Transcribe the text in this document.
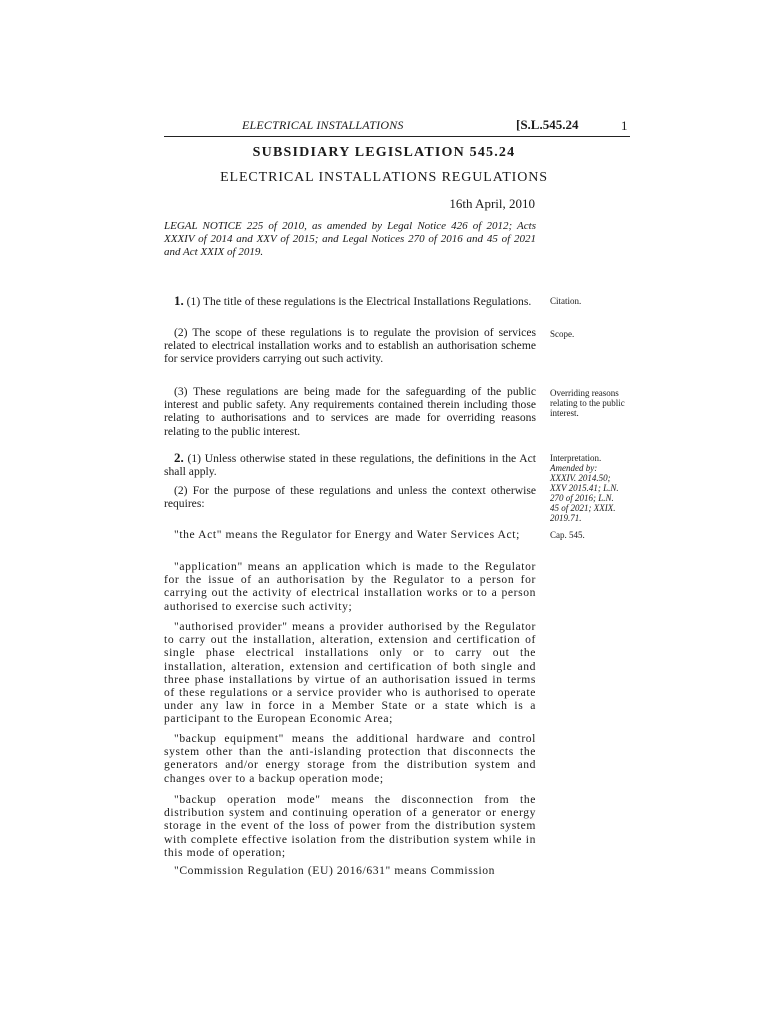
ELECTRICAL INSTALLATIONS	[S.L.545.24	1
SUBSIDIARY LEGISLATION 545.24
ELECTRICAL INSTALLATIONS REGULATIONS
16th April, 2010
LEGAL NOTICE 225 of 2010, as amended by Legal Notice 426 of 2012; Acts XXXIV of 2014 and XXV of 2015; and Legal Notices 270 of 2016 and 45 of 2021 and Act XXIX of 2019.
1. (1) The title of these regulations is the Electrical Installations Regulations.
(2) The scope of these regulations is to regulate the provision of services related to electrical installation works and to establish an authorisation scheme for service providers carrying out such activity.
(3) These regulations are being made for the safeguarding of the public interest and public safety. Any requirements contained therein including those relating to authorisations and to services are made for overriding reasons relating to the public interest.
2. (1) Unless otherwise stated in these regulations, the definitions in the Act shall apply.
(2) For the purpose of these regulations and unless the context otherwise requires:
"the Act" means the Regulator for Energy and Water Services Act;
"application" means an application which is made to the Regulator for the issue of an authorisation by the Regulator to a person for carrying out the activity of electrical installation works or to a person authorised to exercise such activity;
"authorised provider" means a provider authorised by the Regulator to carry out the installation, alteration, extension and certification of single phase electrical installations only or to carry out the installation, alteration, extension and certification of both single and three phase installations by virtue of an authorisation issued in terms of these regulations or a service provider who is authorised to operate under any law in force in a Member State or a state which is a participant to the European Economic Area;
"backup equipment" means the additional hardware and control system other than the anti-islanding protection that disconnects the generators and/or energy storage from the distribution system and changes over to a backup operation mode;
"backup operation mode" means the disconnection from the distribution system and continuing operation of a generator or energy storage in the event of the loss of power from the distribution system with complete effective isolation from the distribution system while in this mode of operation;
"Commission Regulation (EU) 2016/631" means Commission
Citation.
Scope.
Overriding reasons relating to the public interest.
Interpretation.
Amended by: XXXIV. 2014.50; XXV 2015.41; L.N. 270 of 2016; L.N. 45 of 2021; XXIX. 2019.71.
Cap. 545.
